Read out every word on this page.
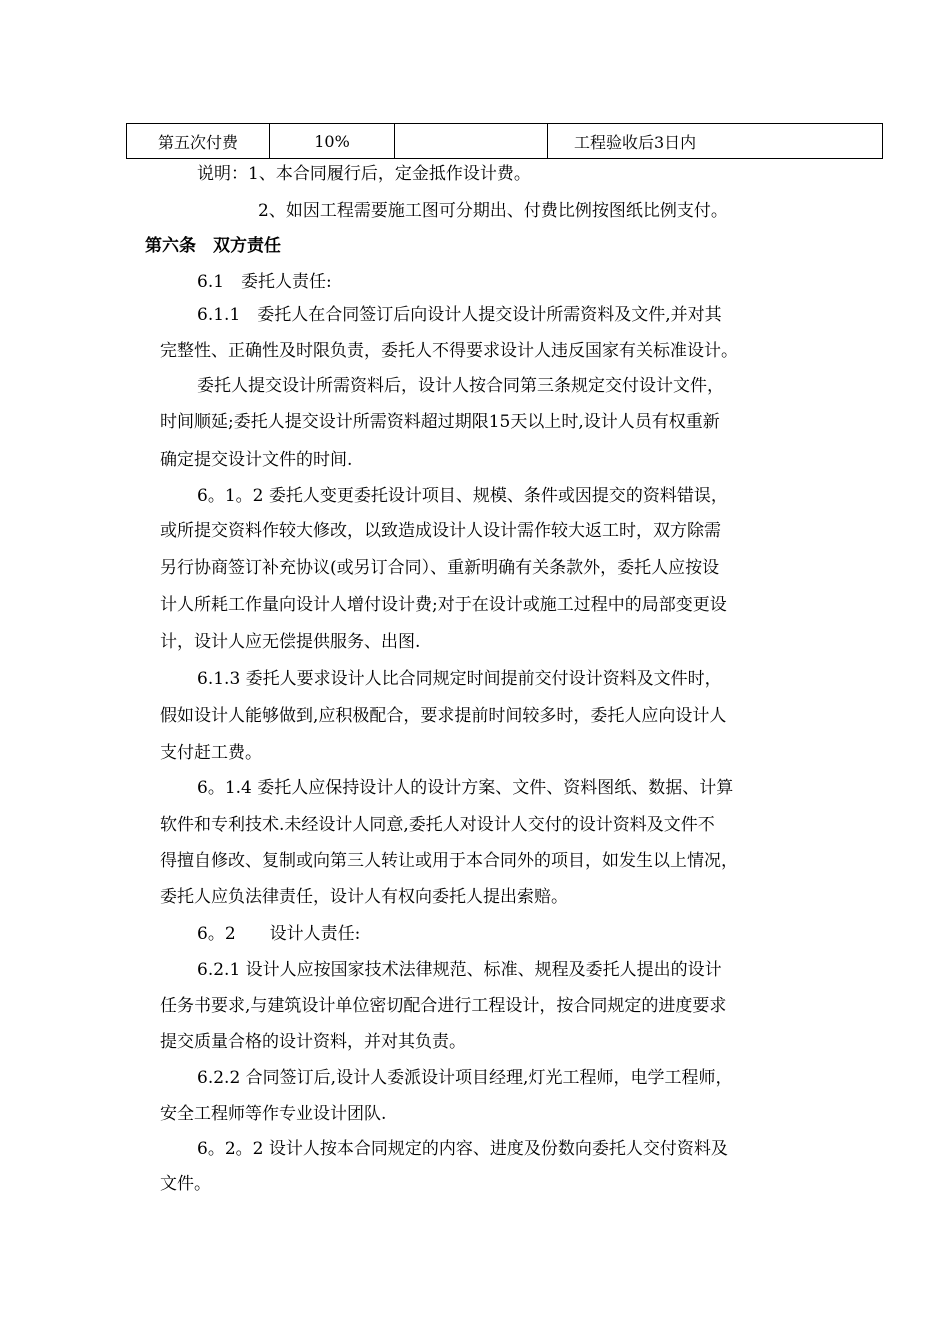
第五次付费	10%		工程验收后3日内
说明：1、本合同履行后，定金抵作设计费。
2、如因工程需要施工图可分期出、付费比例按图纸比例支付。
第六条　双方责任
6.1　委托人责任:
6.1.1　委托人在合同签订后向设计人提交设计所需资料及文件,并对其
完整性、正确性及时限负责，委托人不得要求设计人违反国家有关标准设计。
委托人提交设计所需资料后，设计人按合同第三条规定交付设计文件，
时间顺延;委托人提交设计所需资料超过期限15天以上时,设计人员有权重新
确定提交设计文件的时间.
6。1。2 委托人变更委托设计项目、规模、条件或因提交的资料错误，
或所提交资料作较大修改，以致造成设计人设计需作较大返工时，双方除需
另行协商签订补充协议(或另订合同）、重新明确有关条款外，委托人应按设
计人所耗工作量向设计人增付设计费;对于在设计或施工过程中的局部变更设
计，设计人应无偿提供服务、出图.
6.1.3 委托人要求设计人比合同规定时间提前交付设计资料及文件时，
假如设计人能够做到,应积极配合，要求提前时间较多时，委托人应向设计人
支付赶工费。
6。1.4 委托人应保持设计人的设计方案、文件、资料图纸、数据、计算
软件和专利技术.未经设计人同意,委托人对设计人交付的设计资料及文件不
得擅自修改、复制或向第三人转让或用于本合同外的项目，如发生以上情况，
委托人应负法律责任，设计人有权向委托人提出索赔。
6。2　　设计人责任:
6.2.1 设计人应按国家技术法律规范、标准、规程及委托人提出的设计
任务书要求,与建筑设计单位密切配合进行工程设计，按合同规定的进度要求
提交质量合格的设计资料，并对其负责。
6.2.2 合同签订后,设计人委派设计项目经理,灯光工程师，电学工程师，
安全工程师等作专业设计团队.
6。2。2 设计人按本合同规定的内容、进度及份数向委托人交付资料及
文件。
